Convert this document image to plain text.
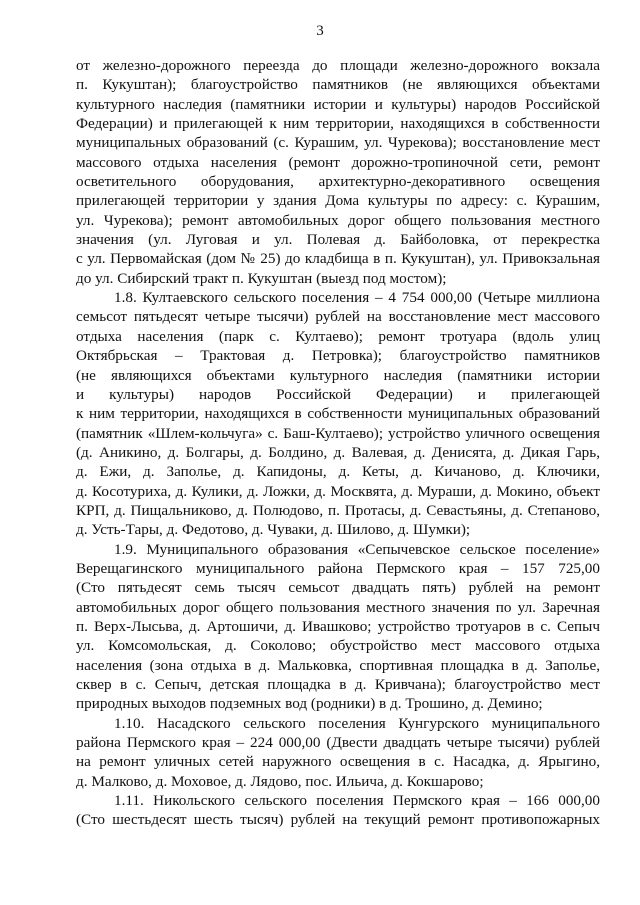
3
от железно-дорожного переезда до площади железно-дорожного вокзала
п. Кукуштан); благоустройство памятников (не являющихся объектами
культурного наследия (памятники истории и культуры) народов Российской
Федерации) и прилегающей к ним территории, находящихся в собственности
муниципальных образований (с. Курашим, ул. Чурекова); восстановление мест
массового отдыха населения (ремонт дорожно-тропиночной сети, ремонт
осветительного оборудования, архитектурно-декоративного освещения
прилегающей территории у здания Дома культуры по адресу: с. Курашим,
ул. Чурекова); ремонт автомобильных дорог общего пользования местного
значения (ул. Луговая и ул. Полевая д. Байболовка, от перекрестка
с ул. Первомайская (дом № 25) до кладбища в п. Кукуштан), ул. Привокзальная
до ул. Сибирский тракт п. Кукуштан (выезд под мостом);
1.8. Култаевского сельского поселения – 4 754 000,00 (Четыре миллиона
семьсот пятьдесят четыре тысячи) рублей на восстановление мест массового
отдыха населения (парк с. Култаево); ремонт тротуара (вдоль улиц
Октябрьская – Трактовая д. Петровка); благоустройство памятников
(не являющихся объектами культурного наследия (памятники истории
и культуры) народов Российской Федерации) и прилегающей
к ним территории, находящихся в собственности муниципальных образований
(памятник «Шлем-кольчуга» с. Баш-Култаево); устройство уличного освещения
(д. Аникино, д. Болгары, д. Болдино, д. Валевая, д. Денисята, д. Дикая Гарь,
д. Ежи, д. Заполье, д. Капидоны, д. Кеты, д. Кичаново, д. Ключики,
д. Косотуриха, д. Кулики, д. Ложки, д. Москвята, д. Мураши, д. Мокино, объект
КРП, д. Пищальниково, д. Полюдово, п. Протасы, д. Севастьяны, д. Степаново,
д. Усть-Тары, д. Федотово, д. Чуваки, д. Шилово, д. Шумки);
1.9. Муниципального образования «Сепычевское сельское поселение»
Верещагинского муниципального района Пермского края – 157 725,00
(Сто пятьдесят семь тысяч семьсот двадцать пять) рублей на ремонт
автомобильных дорог общего пользования местного значения по ул. Заречная
п. Верх-Лысьва, д. Артошичи, д. Ивашково; устройство тротуаров в с. Сепыч
ул. Комсомольская, д. Соколово; обустройство мест массового отдыха
населения (зона отдыха в д. Мальковка, спортивная площадка в д. Заполье,
сквер в с. Сепыч, детская площадка в д. Кривчана); благоустройство мест
природных выходов подземных вод (родники) в д. Трошино, д. Демино;
1.10. Насадского сельского поселения Кунгурского муниципального
района Пермского края – 224 000,00 (Двести двадцать четыре тысячи) рублей
на ремонт уличных сетей наружного освещения в с. Насадка, д. Ярыгино,
д. Малково, д. Моховое, д. Лядово, пос. Ильича, д. Кокшарово;
1.11. Никольского сельского поселения Пермского края – 166 000,00
(Сто шестьдесят шесть тысяч) рублей на текущий ремонт противопожарных
